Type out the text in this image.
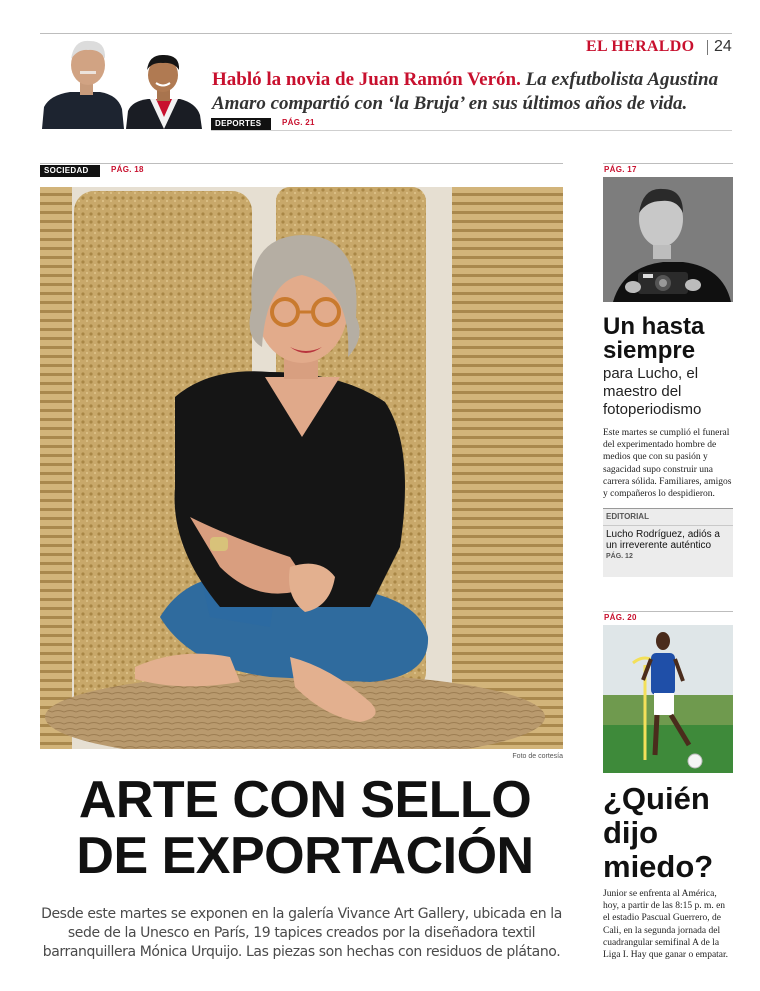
EL HERALDO 24
Habló la novia de Juan Ramón Verón. La exfutbolista Agustina Amaro compartió con ‘la Bruja’ en sus últimos años de vida.
DEPORTES	PÁG. 21
SOCIEDAD	PÁG. 18
Foto de cortesía
ARTE CON SELLO
DE EXPORTACIÓN
Desde este martes se exponen en la galería Vivance Art Gallery, ubicada en la sede de la Unesco en París, 19 tapices creados por la diseñadora textil barranquillera Mónica Urquijo. Las piezas son hechas con residuos de plátano.
PÁG. 17
Un hasta siempre
para Lucho, el maestro del fotoperiodismo
Este martes se cumplió el funeral del experimentado hombre de medios que con su pasión y sagacidad supo construir una carrera sólida. Familiares, amigos y compañeros lo despidieron.
EDITORIAL
Lucho Rodríguez, adiós a un irreverente auténtico
PÁG. 12
PÁG. 20
¿Quién dijo miedo?
Junior se enfrenta al América, hoy, a partir de las 8:15 p. m. en el estadio Pascual Guerrero, de Cali, en la segunda jornada del cuadrangular semifinal A de la Liga I. Hay que ganar o empatar.
